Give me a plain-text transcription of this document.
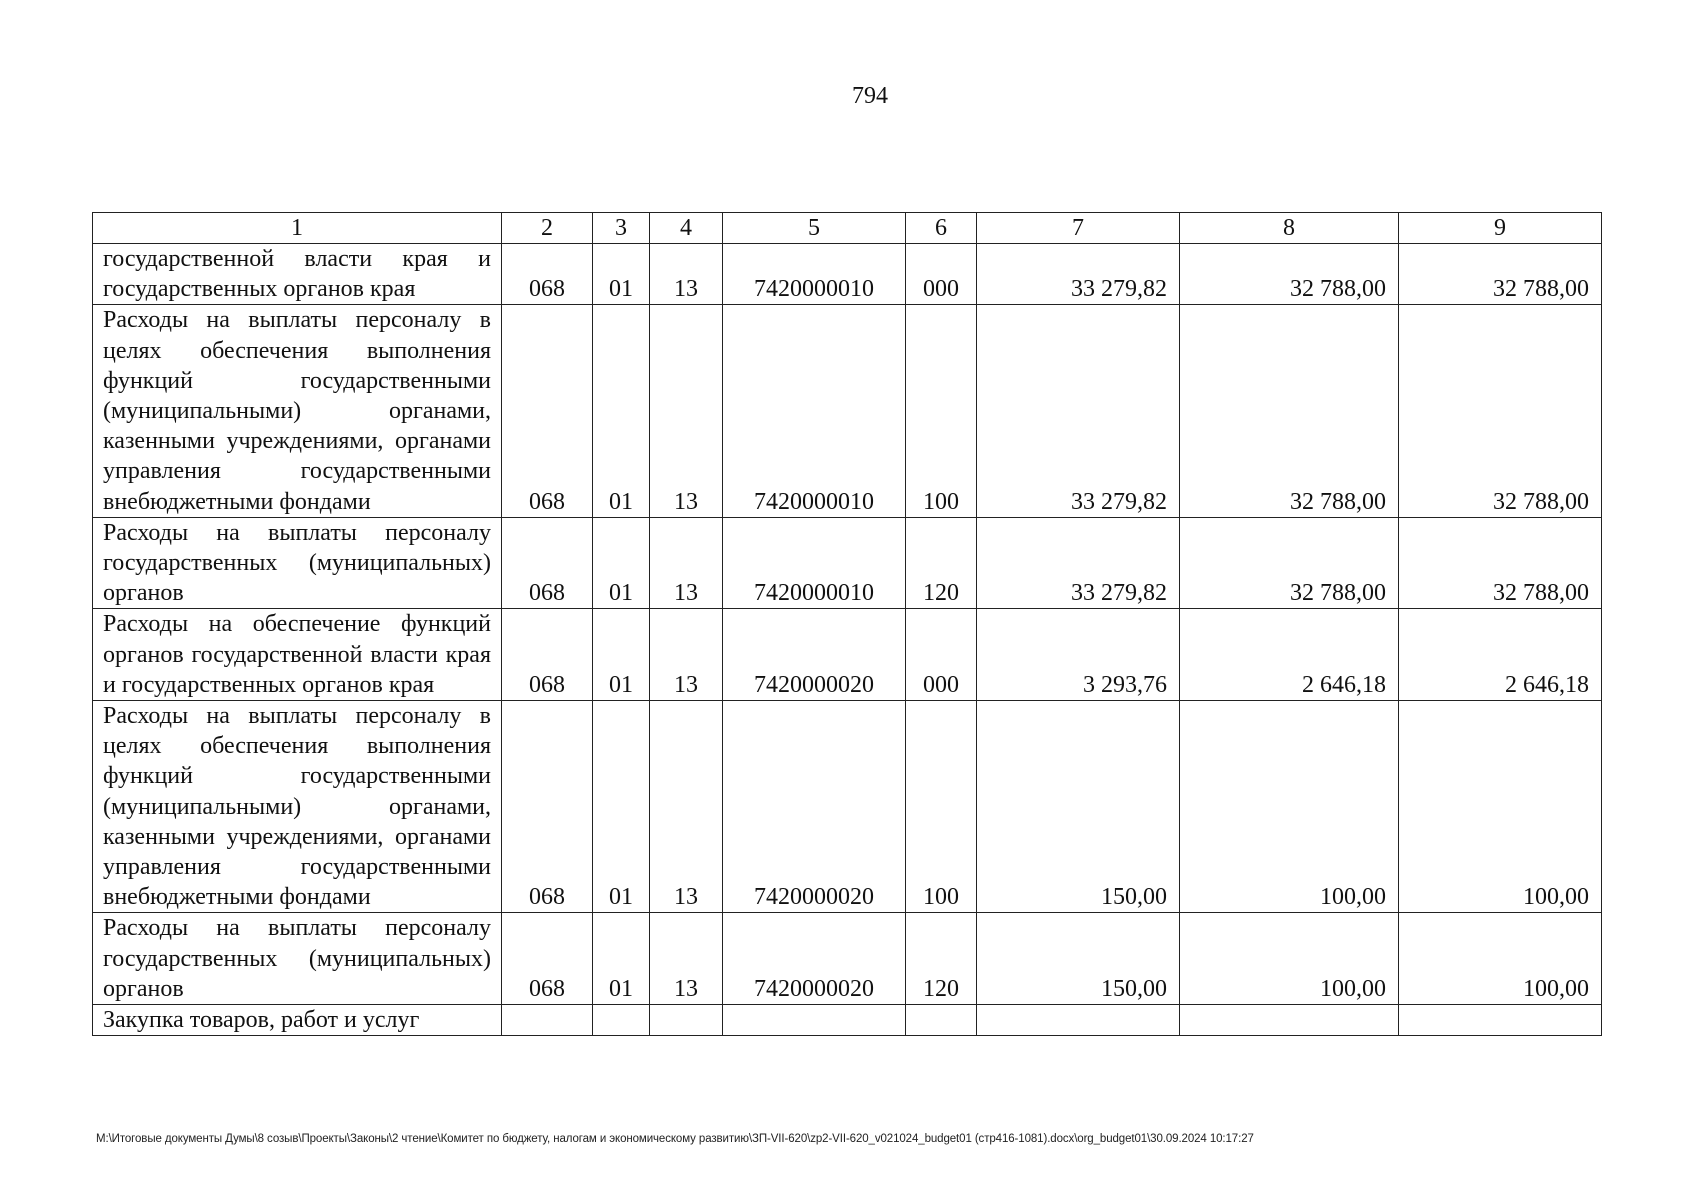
794
1	2	3	4	5	6	7	8	9
государственной власти края и государственных органов края	068	01	13	7420000010	000	33 279,82	32 788,00	32 788,00
Расходы на выплаты персоналу в целях обеспечения выполнения функций государственными (муниципальными) органами, казенными учреждениями, органами управления государственными внебюджетными фондами	068	01	13	7420000010	100	33 279,82	32 788,00	32 788,00
Расходы на выплаты персоналу государственных (муниципальных) органов	068	01	13	7420000010	120	33 279,82	32 788,00	32 788,00
Расходы на обеспечение функций органов государственной власти края и государственных органов края	068	01	13	7420000020	000	3 293,76	2 646,18	2 646,18
Расходы на выплаты персоналу в целях обеспечения выполнения функций государственными (муниципальными) органами, казенными учреждениями, органами управления государственными внебюджетными фондами	068	01	13	7420000020	100	150,00	100,00	100,00
Расходы на выплаты персоналу государственных (муниципальных) органов	068	01	13	7420000020	120	150,00	100,00	100,00
Закупка товаров, работ и услуг								
M:\Итоговые документы Думы\8 созыв\Проекты\Законы\2 чтение\Комитет по бюджету, налогам и экономическому развитию\ЗП-VII-620\zp2-VII-620_v021024_budget01 (стр416-1081).docx\org_budget01\30.09.2024 10:17:27
